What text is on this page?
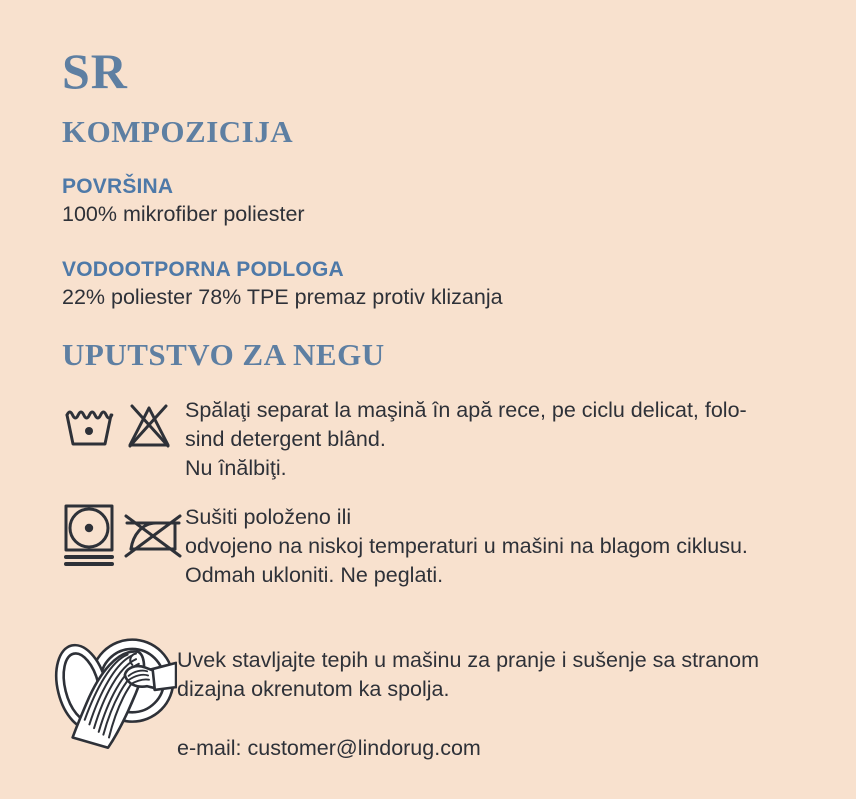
SR
KOMPOZICIJA
POVRŠINA
100% mikrofiber poliester
VODOOTPORNA PODLOGA
22% poliester 78% TPE premaz protiv klizanja
UPUTSTVO ZA NEGU
Spălaţi separat la maşină în apă rece, pe ciclu delicat, folo-
sind detergent blând.
Nu înălbiţi.
Sušiti položeno ili
odvojeno na niskoj temperaturi u mašini na blagom ciklusu.
Odmah ukloniti. Ne peglati.
Uvek stavljajte tepih u mašinu za pranje i sušenje sa stranom
dizajna okrenutom ka spolja.
e-mail: customer@lindorug.com
